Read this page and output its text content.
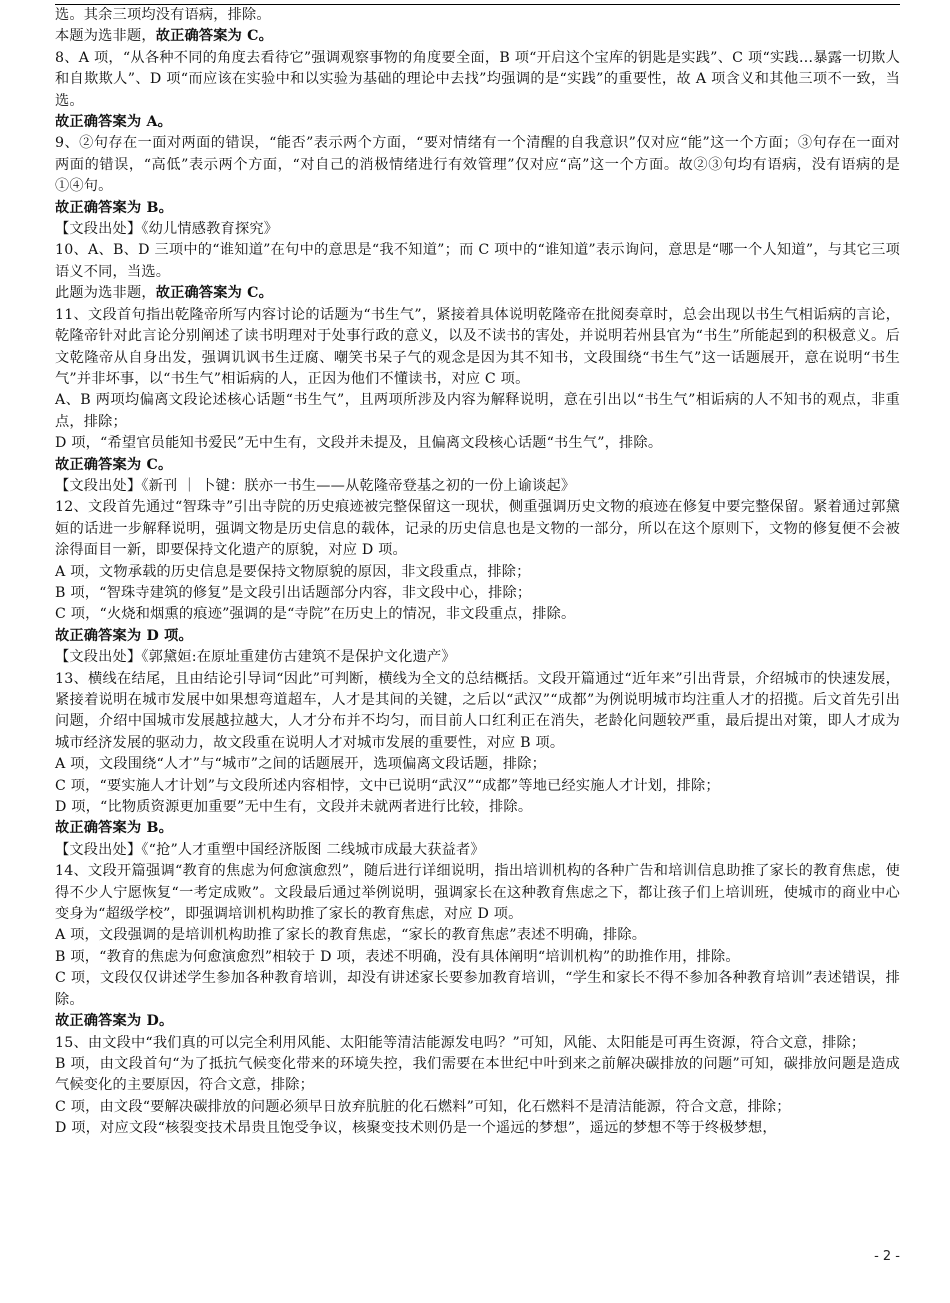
选。其余三项均没有语病，排除。

本题为选非题，故正确答案为 C。

8、A 项，“从各种不同的角度去看待它”强调观察事物的角度要全面，B 项“开启这个宝库的钥匙是实践”、C 项“实践…暴露一切欺人和自欺欺人”、D 项“而应该在实验中和以实验为基础的理论中去找”均强调的是“实践”的重要性，故 A 项含义和其他三项不一致，当选。

故正确答案为 A。

9、②句存在一面对两面的错误，“能否”表示两个方面，“要对情绪有一个清醒的自我意识”仅对应“能”这一个方面；③句存在一面对两面的错误，“高低”表示两个方面，“对自己的消极情绪进行有效管理”仅对应“高”这一个方面。故②③句均有语病，没有语病的是①④句。

故正确答案为 B。

【文段出处】《幼儿情感教育探究》

10、A、B、D 三项中的“谁知道”在句中的意思是“我不知道”；而 C 项中的“谁知道”表示询问，意思是“哪一个人知道”，与其它三项语义不同，当选。

此题为选非题，故正确答案为 C。

11、文段首句指出乾隆帝所写内容讨论的话题为“书生气”，紧接着具体说明乾隆帝在批阅奏章时，总会出现以书生气相诟病的言论，乾隆帝针对此言论分别阐述了读书明理对于处事行政的意义，以及不读书的害处，并说明若州县官为“书生”所能起到的积极意义。后文乾隆帝从自身出发，强调讥讽书生迂腐、嘲笑书呆子气的观念是因为其不知书，文段围绕“书生气”这一话题展开，意在说明“书生气”并非坏事，以“书生气”相诟病的人，正因为他们不懂读书，对应 C 项。

A、B 两项均偏离文段论述核心话题“书生气”，且两项所涉及内容为解释说明，意在引出以“书生气”相诟病的人不知书的观点，非重点，排除；

D 项，“希望官员能知书爱民”无中生有，文段并未提及，且偏离文段核心话题“书生气”，排除。

故正确答案为 C。

【文段出处】《新刊 ｜ 卜键：朕亦一书生——从乾隆帝登基之初的一份上谕谈起》

12、文段首先通过“智珠寺”引出寺院的历史痕迹被完整保留这一现状，侧重强调历史文物的痕迹在修复中要完整保留。紧着通过郭黛姮的话进一步解释说明，强调文物是历史信息的载体，记录的历史信息也是文物的一部分，所以在这个原则下，文物的修复便不会被涂得面目一新，即要保持文化遗产的原貌，对应 D 项。

A 项，文物承载的历史信息是要保持文物原貌的原因，非文段重点，排除；

B 项，“智珠寺建筑的修复”是文段引出话题部分内容，非文段中心，排除；

C 项，“火烧和烟熏的痕迹”强调的是“寺院”在历史上的情况，非文段重点，排除。

故正确答案为 D 项。

【文段出处】《郭黛姮:在原址重建仿古建筑不是保护文化遗产》

13、横线在结尾，且由结论引导词“因此”可判断，横线为全文的总结概括。文段开篇通过“近年来”引出背景，介绍城市的快速发展，紧接着说明在城市发展中如果想弯道超车，人才是其间的关键，之后以“武汉”“成都”为例说明城市均注重人才的招揽。后文首先引出问题，介绍中国城市发展越拉越大，人才分布并不均匀，而目前人口红利正在消失，老龄化问题较严重，最后提出对策，即人才成为城市经济发展的驱动力，故文段重在说明人才对城市发展的重要性，对应 B 项。

A 项，文段围绕“人才”与“城市”之间的话题展开，选项偏离文段话题，排除；

C 项，“要实施人才计划”与文段所述内容相悖，文中已说明“武汉”“成都”等地已经实施人才计划，排除；

D 项，“比物质资源更加重要”无中生有，文段并未就两者进行比较，排除。

故正确答案为 B。

【文段出处】《“抢”人才重塑中国经济版图 二线城市成最大获益者》

14、文段开篇强调“教育的焦虑为何愈演愈烈”，随后进行详细说明，指出培训机构的各种广告和培训信息助推了家长的教育焦虑，使得不少人宁愿恢复“一考定成败”。文段最后通过举例说明，强调家长在这种教育焦虑之下，都让孩子们上培训班，使城市的商业中心变身为“超级学校”，即强调培训机构助推了家长的教育焦虑，对应 D 项。

A 项，文段强调的是培训机构助推了家长的教育焦虑，“家长的教育焦虑”表述不明确，排除。

B 项，“教育的焦虑为何愈演愈烈”相较于 D 项，表述不明确，没有具体阐明“培训机构”的助推作用，排除。

C 项，文段仅仅讲述学生参加各种教育培训，却没有讲述家长要参加教育培训，“学生和家长不得不参加各种教育培训”表述错误，排除。

故正确答案为 D。

15、由文段中“我们真的可以完全利用风能、太阳能等清洁能源发电吗？”可知，风能、太阳能是可再生资源，符合文意，排除；

B 项，由文段首句“为了抵抗气候变化带来的环境失控，我们需要在本世纪中叶到来之前解决碳排放的问题”可知，碳排放问题是造成气候变化的主要原因，符合文意，排除；

C 项，由文段“要解决碳排放的问题必须早日放弃肮脏的化石燃料”可知，化石燃料不是清洁能源，符合文意，排除；

D 项，对应文段“核裂变技术昂贵且饱受争议，核聚变技术则仍是一个遥远的梦想”，遥远的梦想不等于终极梦想，

- 2 -
